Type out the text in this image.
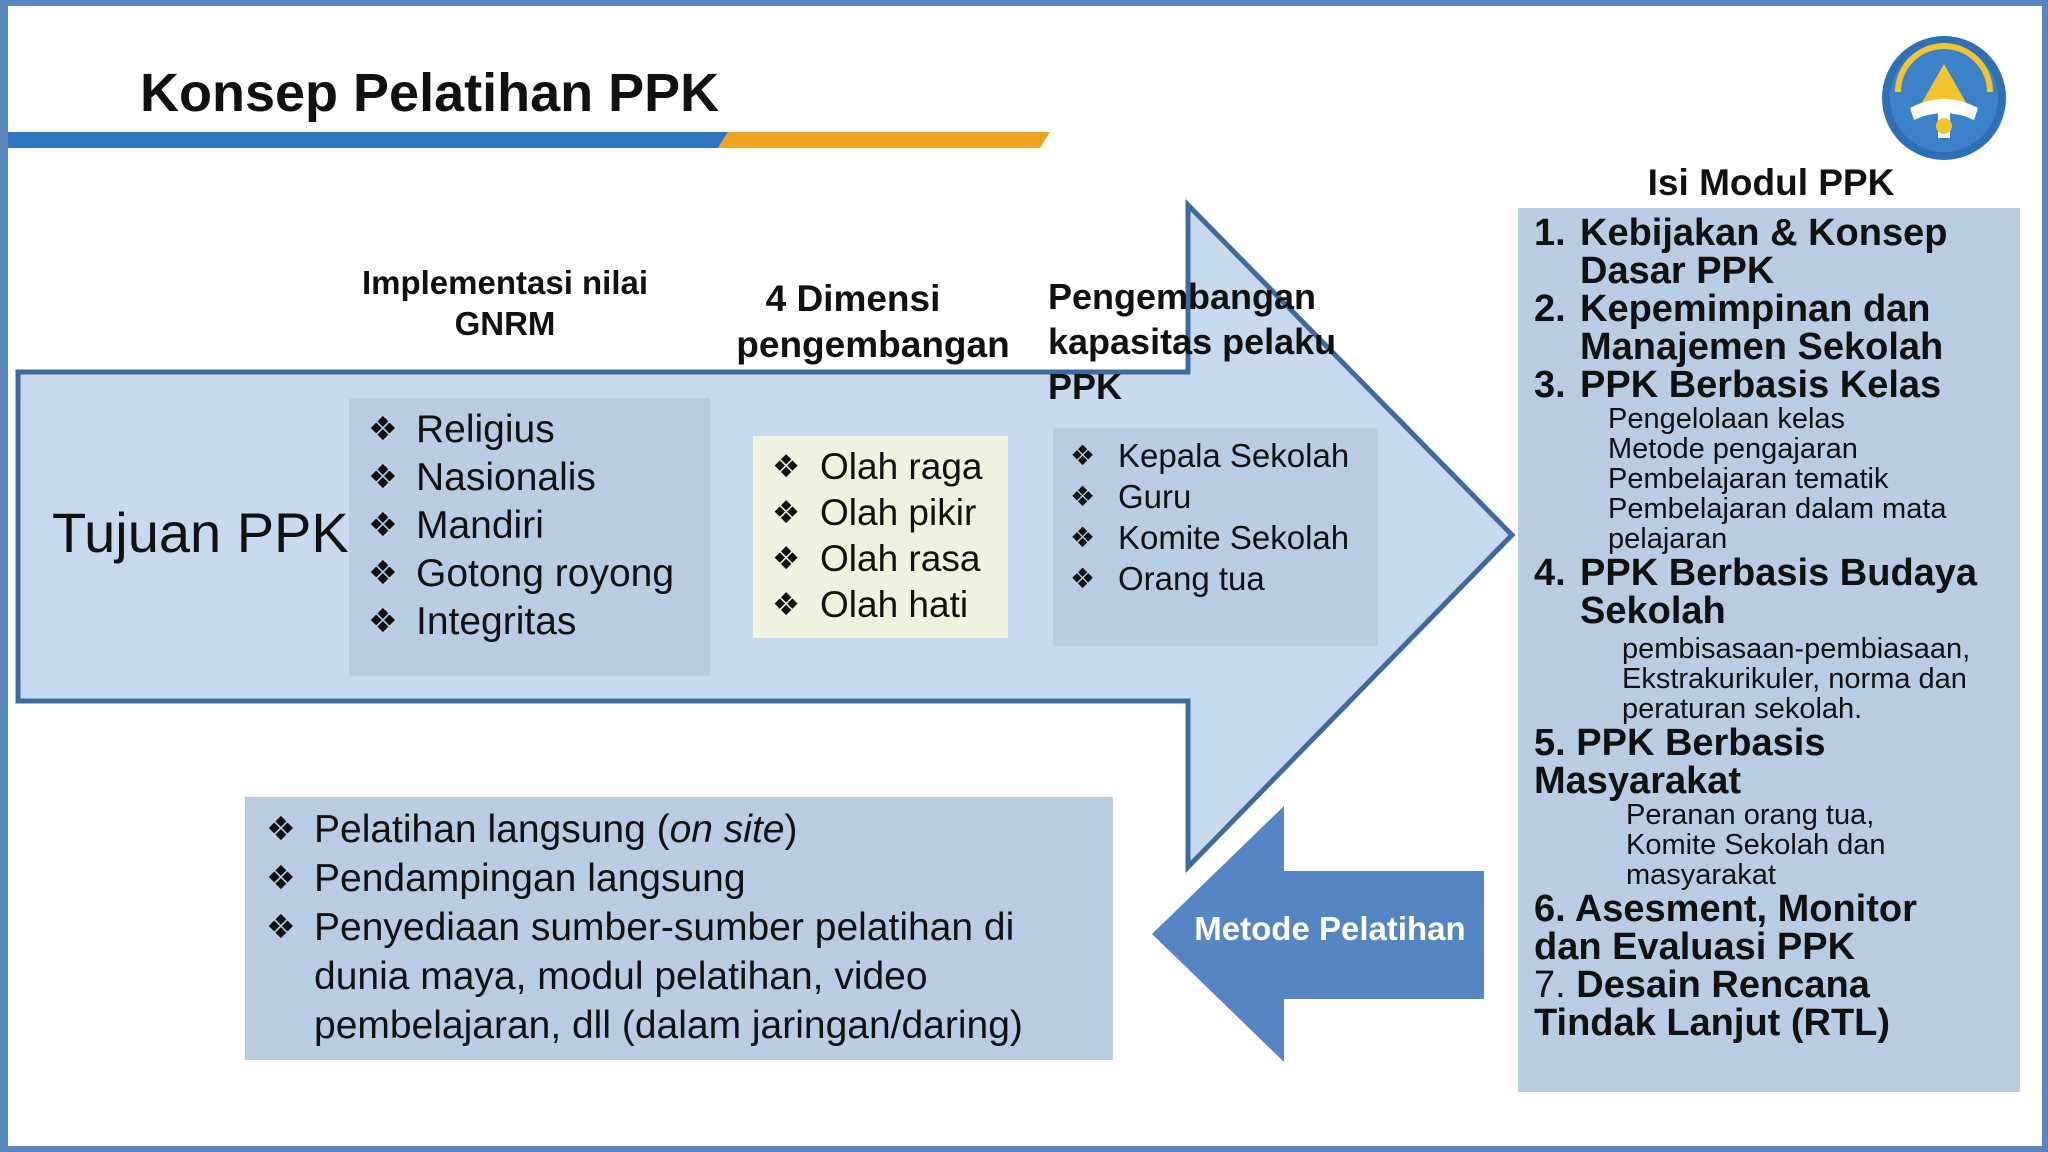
Konsep Pelatihan PPK

Tujuan PPK

Implementasi nilai
GNRM
❖ Religius
❖ Nasionalis
❖ Mandiri
❖ Gotong royong
❖ Integritas
4 Dimensi
pengembangan
❖ Olah raga
❖ Olah pikir
❖ Olah rasa
❖ Olah hati
Pengembangan
kapasitas pelaku
PPK
❖ Kepala Sekolah
❖ Guru
❖ Komite Sekolah
❖ Orang tua
❖ Pelatihan langsung (on site)
❖ Pendampingan langsung
❖ Penyediaan sumber-sumber pelatihan di
dunia maya, modul pelatihan, video
pembelajaran, dll (dalam jaringan/daring)
Metode Pelatihan
Isi Modul PPK
1. Kebijakan & Konsep
Dasar PPK
2. Kepemimpinan dan
Manajemen Sekolah
3. PPK Berbasis Kelas
Pengelolaan kelas
Metode pengajaran
Pembelajaran tematik
Pembelajaran dalam mata
pelajaran
4. PPK Berbasis Budaya
Sekolah
pembisasaan-pembiasaan,
Ekstrakurikuler, norma dan
peraturan sekolah.
5. PPK Berbasis
Masyarakat
Peranan orang tua,
Komite Sekolah dan
masyarakat
6. Asesment, Monitor
dan Evaluasi PPK
7. Desain Rencana
Tindak Lanjut (RTL)
